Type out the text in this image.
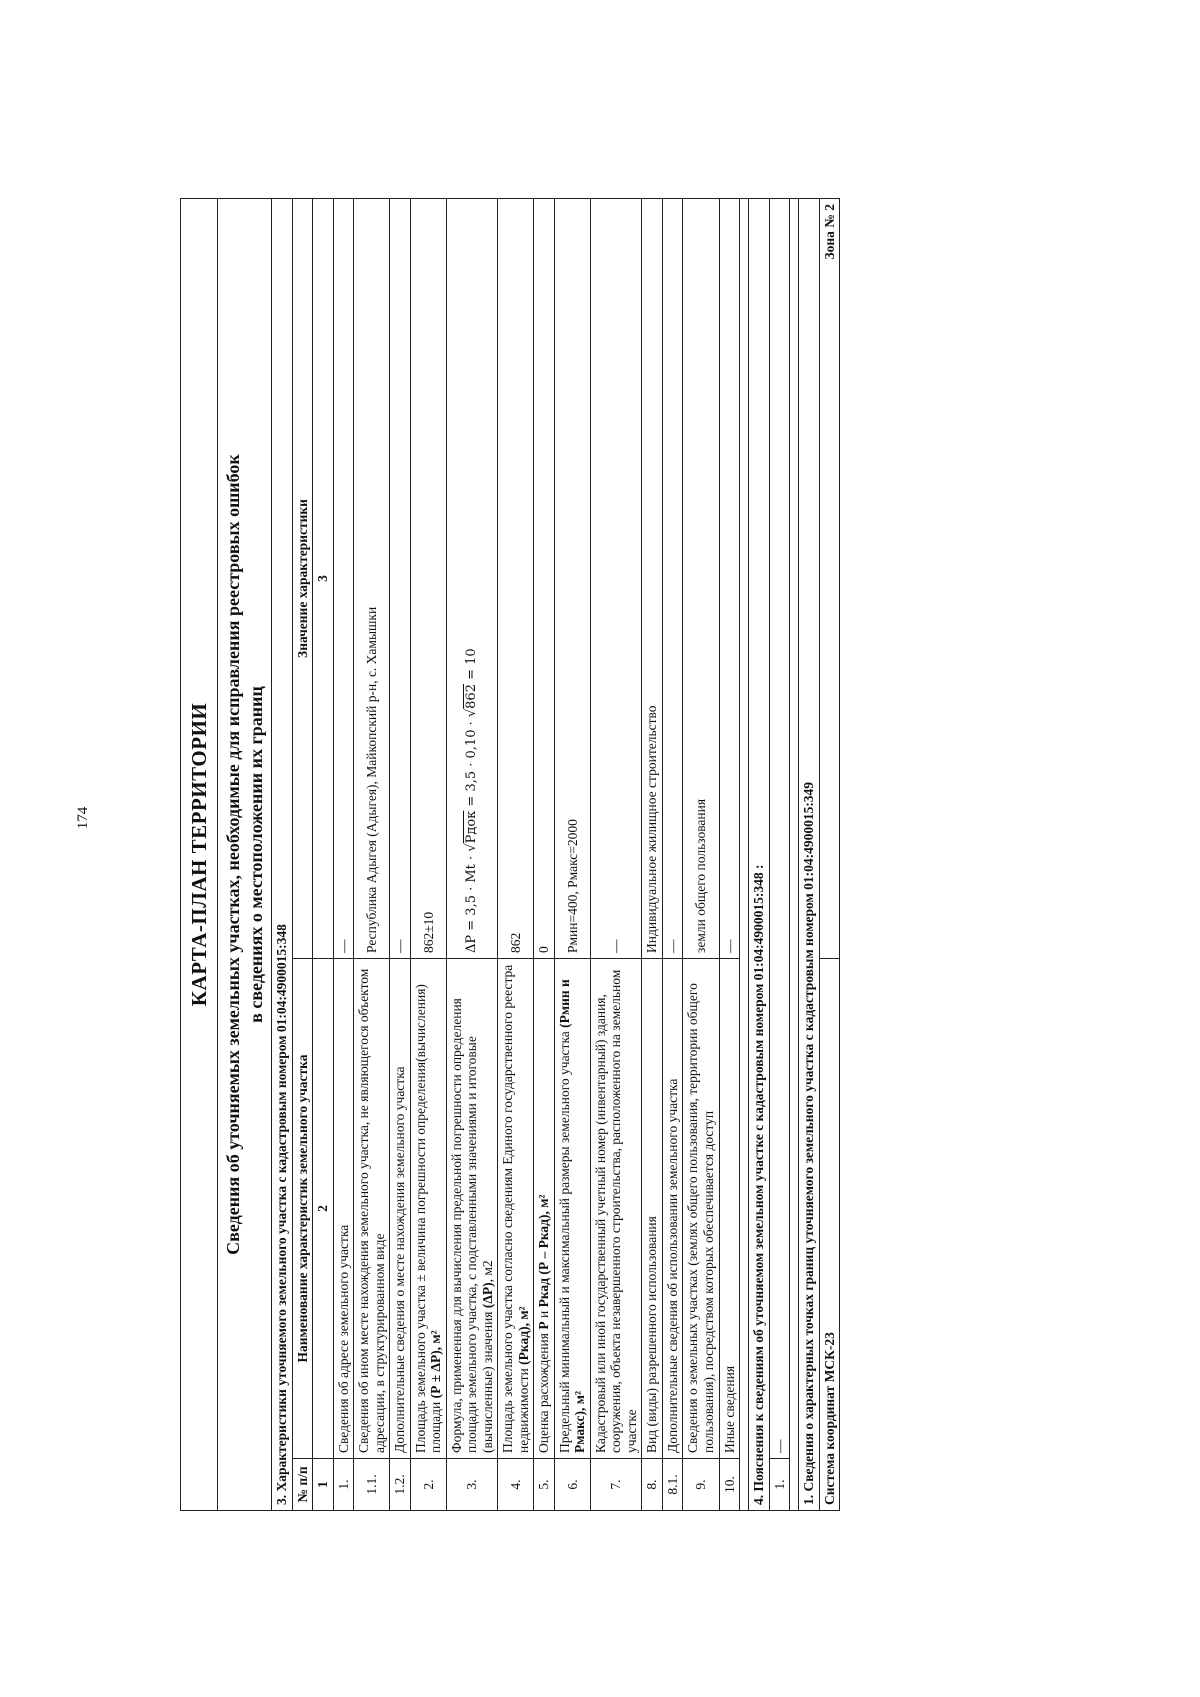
174	КАРТА-ПЛАН ТЕРРИТОРИИ		

Сведения об уточняемых земельных участках, необходимые для исправления реестровых ошибок в сведениях о местоположении их границ		

3. Характеристики уточняемого земельного участка с кадастровым номером 01:04:4900015:348		
№ п/п	Наименование характеристик земельного участка	Значение характеристики
1	2	3
1.	Сведения об адресе земельного участка	—
1.1.	Сведения об ином месте нахождения земельного участка, не являющегося объектом адресации, в структурированном виде	Республика Адыгея (Адыгея), Майкопский р-н, с. Хамышки
1.2.	Дополнительные сведения о месте нахождения земельного участка	—
2.	Площадь земельного участка ± величина погрешности определения(вычисления) площади (Р ± ΔР), м²	862±10
3.	Формула, примененная для вычисления предельной погрешности определения площади земельного участка, с подставленными значениями и итоговые (вычисленные) значения (ΔР), м2	ΔР = 3,5 · Mt · √Pдок = 3,5 · 0,10 · √862 = 10
4.	Площадь земельного участка согласно сведениям Единого государственного реестра недвижимости (Ркад), м²	862
5.	Оценка расхождения Р и Ркад (Р – Ркад), м²	0
6.	Предельный минимальный и максимальный размеры земельного участка (Рмин и Рмакс), м²	Рмин=400, Рмакс=2000
7.	Кадастровый или иной государственный учетный номер (инвентарный) здания, сооружения, объекта незавершенного строительства, расположенного на земельном участке	—
8.	Вид (виды) разрешенного использования	Индивидуальное жилищное строительство
8.1.	Дополнительные сведения об использовании земельного участка	—
9.	Сведения о земельных участках (землях общего пользования, территории общего пользования), посредством которых обеспечивается доступ	земли общего пользования
10.	Иные сведения	—

4. Пояснения к сведениям об уточняемом земельном участке с кадастровым номером 01:04:4900015:348 :		
1.	—	

1. Сведения о характерных точках границ уточняемого земельного участка с кадастровым номером 01:04:4900015:349		
Система координат МСК-23		Зона № 2
